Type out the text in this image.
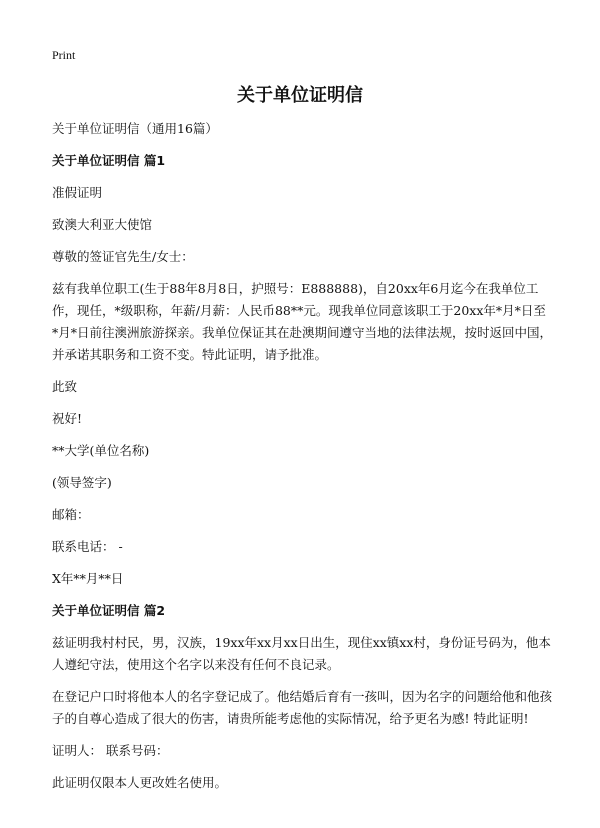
Print
关于单位证明信

关于单位证明信（通用16篇）

关于单位证明信 篇1

准假证明

致澳大利亚大使馆

尊敬的签证官先生/女士：

兹有我单位职工(生于88年8月8日，护照号：E888888)，自20xx年6月迄今在我单位工作，现任，*级职称，年薪/月薪：人民币88**元。现我单位同意该职工于20xx年*月*日至*月*日前往澳洲旅游探亲。我单位保证其在赴澳期间遵守当地的法律法规，按时返回中国，并承诺其职务和工资不变。特此证明，请予批准。

此致

祝好!

**大学(单位名称)

(领导签字)

邮箱：

联系电话： -

X年**月**日

关于单位证明信 篇2

兹证明我村村民，男，汉族，19xx年xx月xx日出生，现住xx镇xx村，身份证号码为，他本人遵纪守法，使用这个名字以来没有任何不良记录。

在登记户口时将他本人的名字登记成了。他结婚后育有一孩叫，因为名字的问题给他和他孩子的自尊心造成了很大的伤害，请贵所能考虑他的实际情况，给予更名为感! 特此证明!

证明人： 联系号码：

此证明仅限本人更改姓名使用。
